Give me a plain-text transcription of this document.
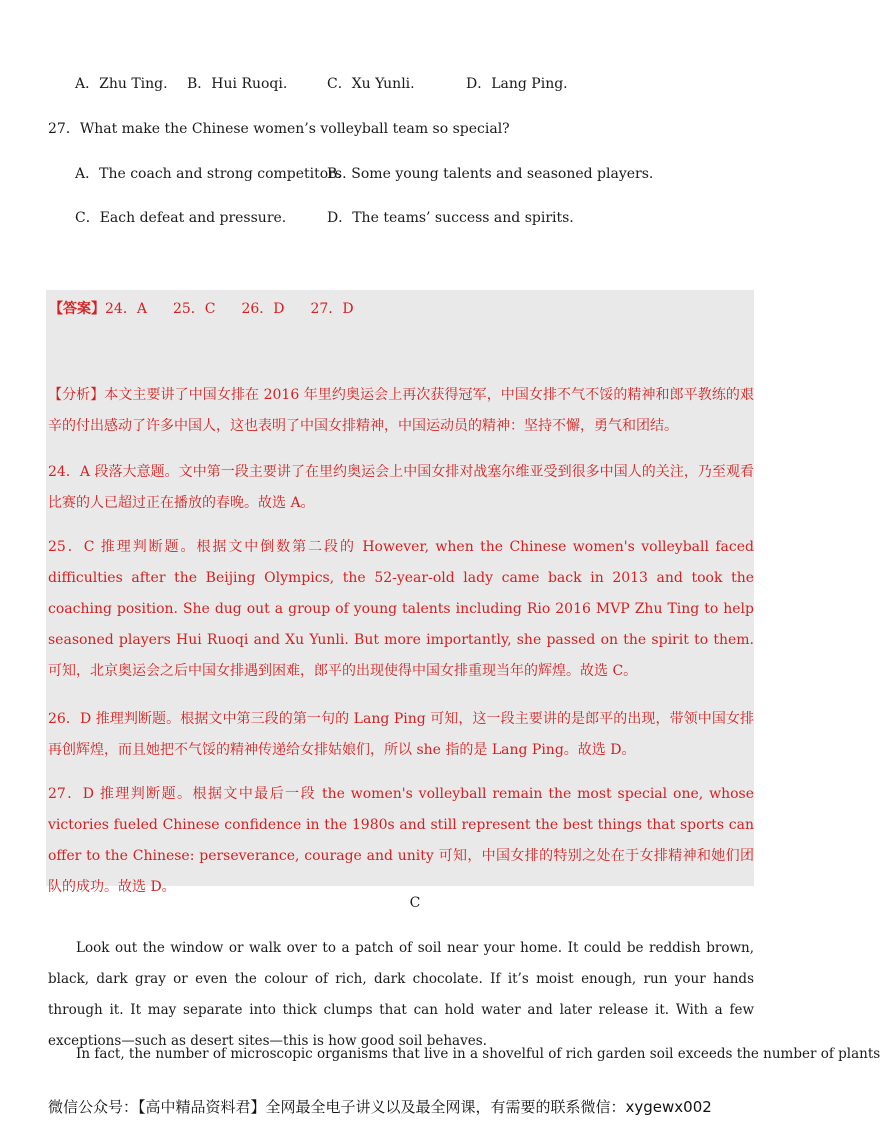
A．Zhu Ting. B．Hui Ruoqi.	C．Xu Yunli.	D．Lang Ping.
27．What make the Chinese women’s volleyball team so special?
A．The coach and strong competitors.
B．Some young talents and seasoned players.
C．Each defeat and pressure.	D．The teams’ success and spirits.
【答案】24．A 25．C 26．D 27．D
【分析】本文主要讲了中国女排在 2016 年里约奥运会上再次获得冠军，中国女排不气不馁的精神和郎平教练的艰辛的付出感动了许多中国人，这也表明了中国女排精神，中国运动员的精神：坚持不懈，勇气和团结。
24．A 段落大意题。文中第一段主要讲了在里约奥运会上中国女排对战塞尔维亚受到很多中国人的关注，乃至观看比赛的人已超过正在播放的春晚。故选 A。
25．C 推理判断题。根据文中倒数第二段的 However, when the Chinese women's volleyball faced difficulties after the Beijing Olympics, the 52-year-old lady came back in 2013 and took the coaching position. She dug out a group of young talents including Rio 2016 MVP Zhu Ting to help seasoned players Hui Ruoqi and Xu Yunli. But more importantly, she passed on the spirit to them.可知，北京奥运会之后中国女排遇到困难，郎平的出现使得中国女排重现当年的辉煌。故选 C。
26．D 推理判断题。根据文中第三段的第一句的 Lang Ping 可知，这一段主要讲的是郎平的出现，带领中国女排再创辉煌，而且她把不气馁的精神传递给女排姑娘们，所以 she 指的是 Lang Ping。故选 D。
27．D 推理判断题。根据文中最后一段 the women's volleyball remain the most special one, whose victories fueled Chinese confidence in the 1980s and still represent the best things that sports can offer to the Chinese: perseverance, courage and unity 可知，中国女排的特别之处在于女排精神和她们团队的成功。故选 D。
C
Look out the window or walk over to a patch of soil near your home. It could be reddish brown, black, dark gray or even the colour of rich, dark chocolate. If it’s moist enough, run your hands through it. It may separate into thick clumps that can hold water and later release it. With a few exceptions—such as desert sites—this is how good soil behaves.
In fact, the number of microscopic organisms that live in a shovelful of rich garden soil exceeds the number of plants
微信公众号：【高中精品资料君】全网最全电子讲义以及最全网课，有需要的联系微信：xygewx002
